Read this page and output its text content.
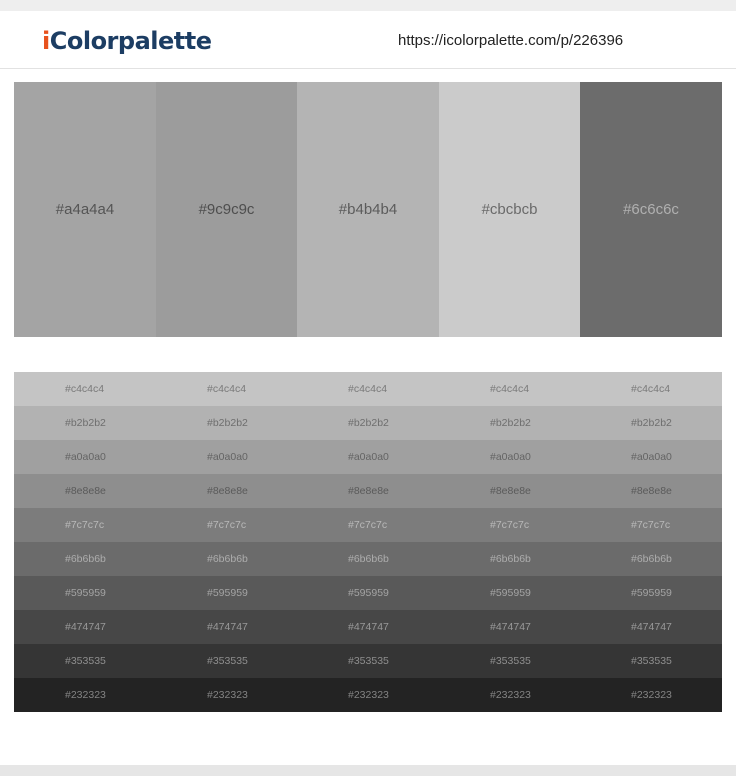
iColorpalette	https://icolorpalette.com/p/226396
#a4a4a4	#9c9c9c	#b4b4b4	#cbcbcb	#6c6c6c
#c4c4c4	#c4c4c4	#c4c4c4	#c4c4c4	#c4c4c4
#b2b2b2	#b2b2b2	#b2b2b2	#b2b2b2	#b2b2b2
#a0a0a0	#a0a0a0	#a0a0a0	#a0a0a0	#a0a0a0
#8e8e8e	#8e8e8e	#8e8e8e	#8e8e8e	#8e8e8e
#7c7c7c	#7c7c7c	#7c7c7c	#7c7c7c	#7c7c7c
#6b6b6b	#6b6b6b	#6b6b6b	#6b6b6b	#6b6b6b
#595959	#595959	#595959	#595959	#595959
#474747	#474747	#474747	#474747	#474747
#353535	#353535	#353535	#353535	#353535
#232323	#232323	#232323	#232323	#232323
